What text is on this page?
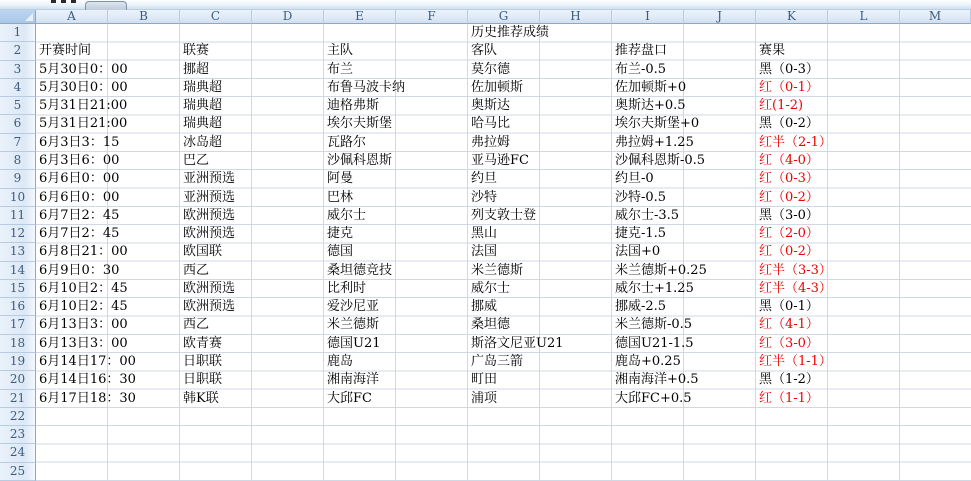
A	B	C	D	E	F	G	H	I	J	K	L	M
1
2
3
4
5
6
7
8
9
10
11
12
13
14
15
16
17
18
19
20
21
22
23
24
25
历史推荐成绩
开赛时间	联赛	主队	客队	推荐盘口	赛果
5月30日0：00	挪超	布兰	莫尔德	布兰-0.5	黑（0-3）
5月30日0：00	瑞典超	布鲁马波卡纳	佐加顿斯	佐加顿斯+0	红（0-1）
5月31日21:00	瑞典超	迪格弗斯	奥斯达	奥斯达+0.5	红(1-2)
5月31日21:00	瑞典超	埃尔夫斯堡	哈马比	埃尔夫斯堡+0	黑（0-2）
6月3日3：15	冰岛超	瓦路尔	弗拉姆	弗拉姆+1.25	红半（2-1）
6月3日6：00	巴乙	沙佩科恩斯	亚马逊FC	沙佩科恩斯-0.5	红（4-0）
6月6日0：00	亚洲预选	阿曼	约旦	约旦-0	红（0-3）
6月6日0：00	亚洲预选	巴林	沙特	沙特-0.5	红（0-2）
6月7日2：45	欧洲预选	威尔士	列支敦士登	威尔士-3.5	黑（3-0）
6月7日2：45	欧洲预选	捷克	黑山	捷克-1.5	红（2-0）
6月8日21：00	欧国联	德国	法国	法国+0	红（0-2）
6月9日0：30	西乙	桑坦德竞技	米兰德斯	米兰德斯+0.25	红半（3-3）
6月10日2：45	欧洲预选	比利时	威尔士	威尔士+1.25	红半（4-3）
6月10日2：45	欧洲预选	爱沙尼亚	挪威	挪威-2.5	黑（0-1）
6月13日3：00	西乙	米兰德斯	桑坦德	米兰德斯-0.5	红（4-1）
6月13日3：00	欧青赛	德国U21	斯洛文尼亚U21	德国U21-1.5	红（3-0）
6月14日17：00	日职联	鹿岛	广岛三箭	鹿岛+0.25	红半（1-1）
6月14日16：30	日职联	湘南海洋	町田	湘南海洋+0.5	黑（1-2）
6月17日18：30	韩K联	大邱FC	浦项	大邱FC+0.5	红（1-1）
